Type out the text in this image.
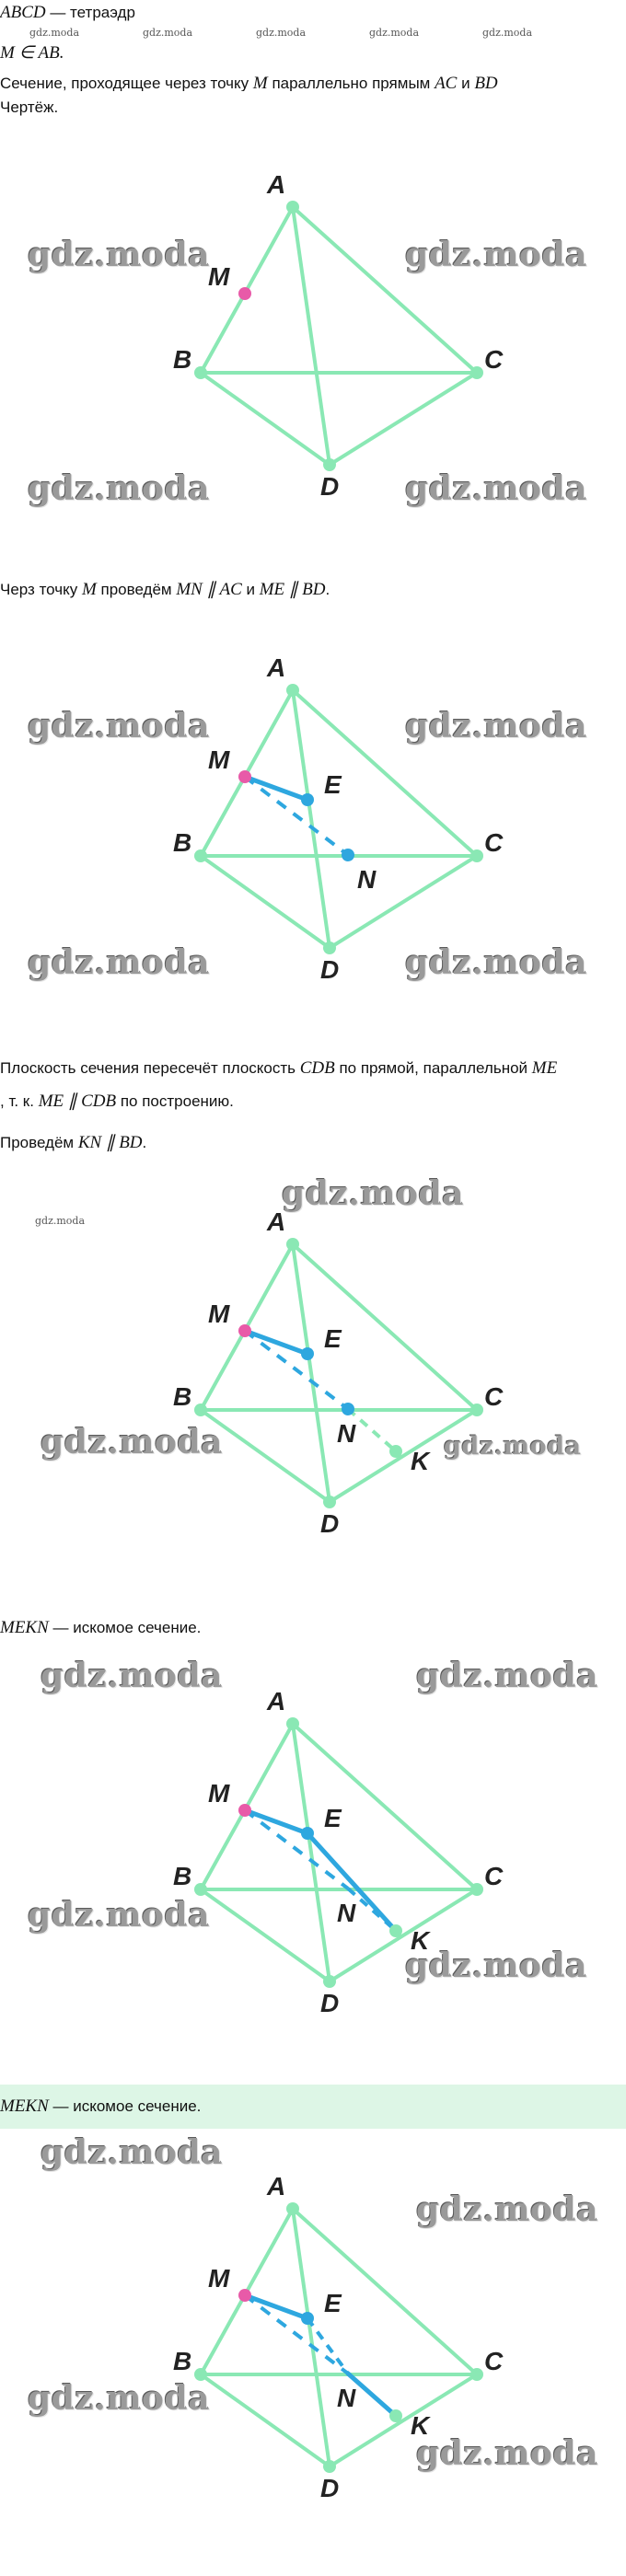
ABCD — тетраэдр
gdz.moda	gdz.moda	gdz.moda	gdz.moda	gdz.moda
M ∈ AB.
Сечение, проходящее через точку M параллельно прямым AC и BD
Чертёж.
A
M
B	C
D
gdz.moda	gdz.moda
gdz.moda	gdz.moda
Черз точку M проведём MN ∥ AC и ME ∥ BD.
A
M
E
B	C
N
D
gdz.moda	gdz.moda
gdz.moda	gdz.moda
Плоскость сечения пересечёт плоскость CDB по прямой, параллельной ME
, т. к. ME ∥ CDB по построению.
Проведём KN ∥ BD.
A
M
E
B	C
N
K
D
gdz.moda
gdz.moda
gdz.moda	gdz.moda
MEKN — искомое сечение.
A
M
E
B	C
N
K
D
gdz.moda	gdz.moda
gdz.moda
gdz.moda
MEKN — искомое сечение.
A
M
E
B	C
N
K
D
gdz.moda
gdz.moda
gdz.moda
gdz.moda
